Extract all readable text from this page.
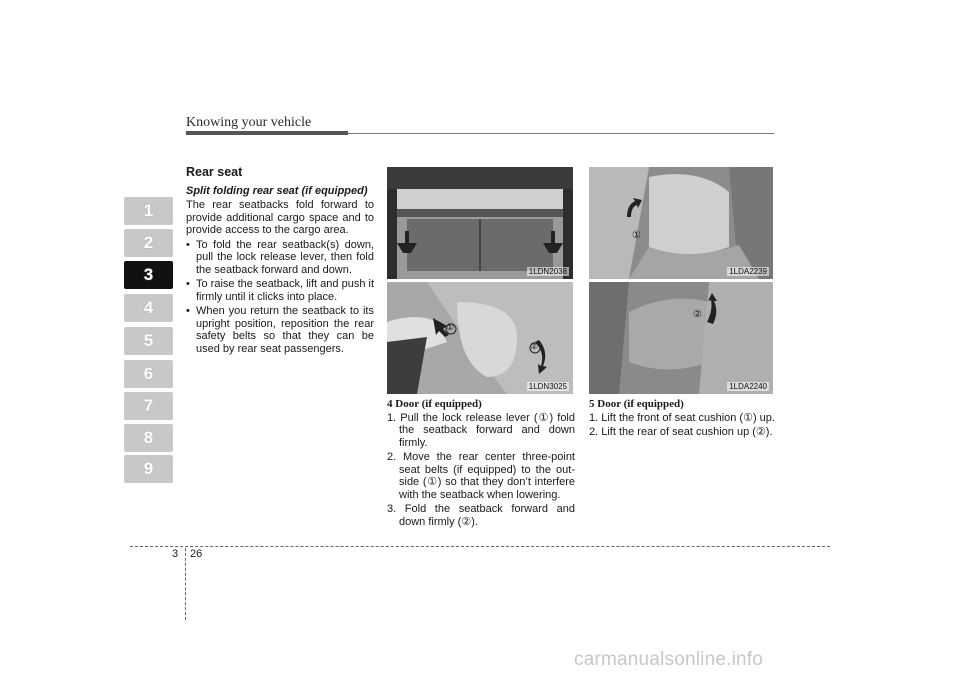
Knowing your vehicle
1
2
3
4
5
6
7
8
9
Rear seat
Split folding rear seat (if equipped)

The rear seatbacks fold forward to provide additional cargo space and to provide access to the cargo area.

• To fold the rear seatback(s) down, pull the lock release lever, then fold the seatback forward and down.
• To raise the seatback, lift and push it firmly until it clicks into place.
• When you return the seatback to its upright position, reposition the rear safety belts so that they can be used by rear seat passengers.
1LDN2038
①
②
1LDN3025
①
1LDA2239
②
1LDA2240
4 Door (if equipped)
1. Pull the lock release lever (①) fold the seatback forward and down firmly.
2. Move the rear center three-point seat belts (if equipped) to the out-side (①) so that they don’t interfere with the seatback when lowering.
3. Fold the seatback forward and down firmly (②).
5 Door (if equipped)
1. Lift the front of seat cushion (①) up.
2. Lift the rear of seat cushion up (②).
3 26
carmanualsonline.info
